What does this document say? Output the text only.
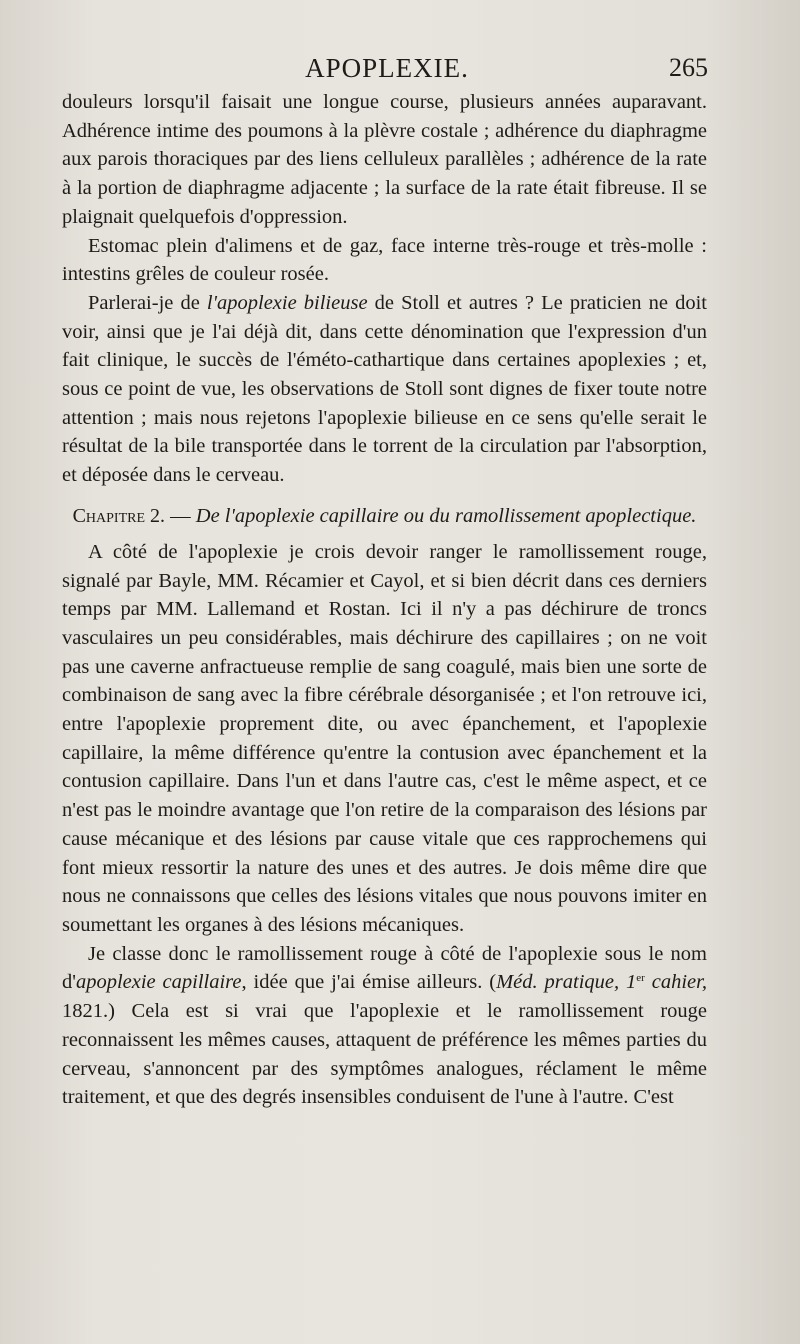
APOPLEXIE.	265

douleurs lorsqu'il faisait une longue course, plusieurs années auparavant. Adhérence intime des poumons à la plèvre costale ; adhérence du diaphragme aux parois thoraciques par des liens celluleux parallèles ; adhérence de la rate à la portion de diaphragme adjacente ; la surface de la rate était fibreuse. Il se plaignait quelquefois d'oppression.

Estomac plein d'alimens et de gaz, face interne très-rouge et très-molle : intestins grêles de couleur rosée.

Parlerai-je de l'apoplexie bilieuse de Stoll et autres ? Le praticien ne doit voir, ainsi que je l'ai déjà dit, dans cette dénomination que l'expression d'un fait clinique, le succès de l'éméto-cathartique dans certaines apoplexies ; et, sous ce point de vue, les observations de Stoll sont dignes de fixer toute notre attention ; mais nous rejetons l'apoplexie bilieuse en ce sens qu'elle serait le résultat de la bile transportée dans le torrent de la circulation par l'absorption, et déposée dans le cerveau.

Chapitre 2. — De l'apoplexie capillaire ou du ramollissement apoplectique.

A côté de l'apoplexie je crois devoir ranger le ramollissement rouge, signalé par Bayle, MM. Récamier et Cayol, et si bien décrit dans ces derniers temps par MM. Lallemand et Rostan. Ici il n'y a pas déchirure de troncs vasculaires un peu considérables, mais déchirure des capillaires ; on ne voit pas une caverne anfractueuse remplie de sang coagulé, mais bien une sorte de combinaison de sang avec la fibre cérébrale désorganisée ; et l'on retrouve ici, entre l'apoplexie proprement dite, ou avec épanchement, et l'apoplexie capillaire, la même différence qu'entre la contusion avec épanchement et la contusion capillaire. Dans l'un et dans l'autre cas, c'est le même aspect, et ce n'est pas le moindre avantage que l'on retire de la comparaison des lésions par cause mécanique et des lésions par cause vitale que ces rapprochemens qui font mieux ressortir la nature des unes et des autres. Je dois même dire que nous ne connaissons que celles des lésions vitales que nous pouvons imiter en soumettant les organes à des lésions mécaniques.

Je classe donc le ramollissement rouge à côté de l'apoplexie sous le nom d'apoplexie capillaire, idée que j'ai émise ailleurs. (Méd. pratique, 1er cahier, 1821.) Cela est si vrai que l'apoplexie et le ramollissement rouge reconnaissent les mêmes causes, attaquent de préférence les mêmes parties du cerveau, s'annoncent par des symptômes analogues, réclament le même traitement, et que des degrés insensibles conduisent de l'une à l'autre. C'est
